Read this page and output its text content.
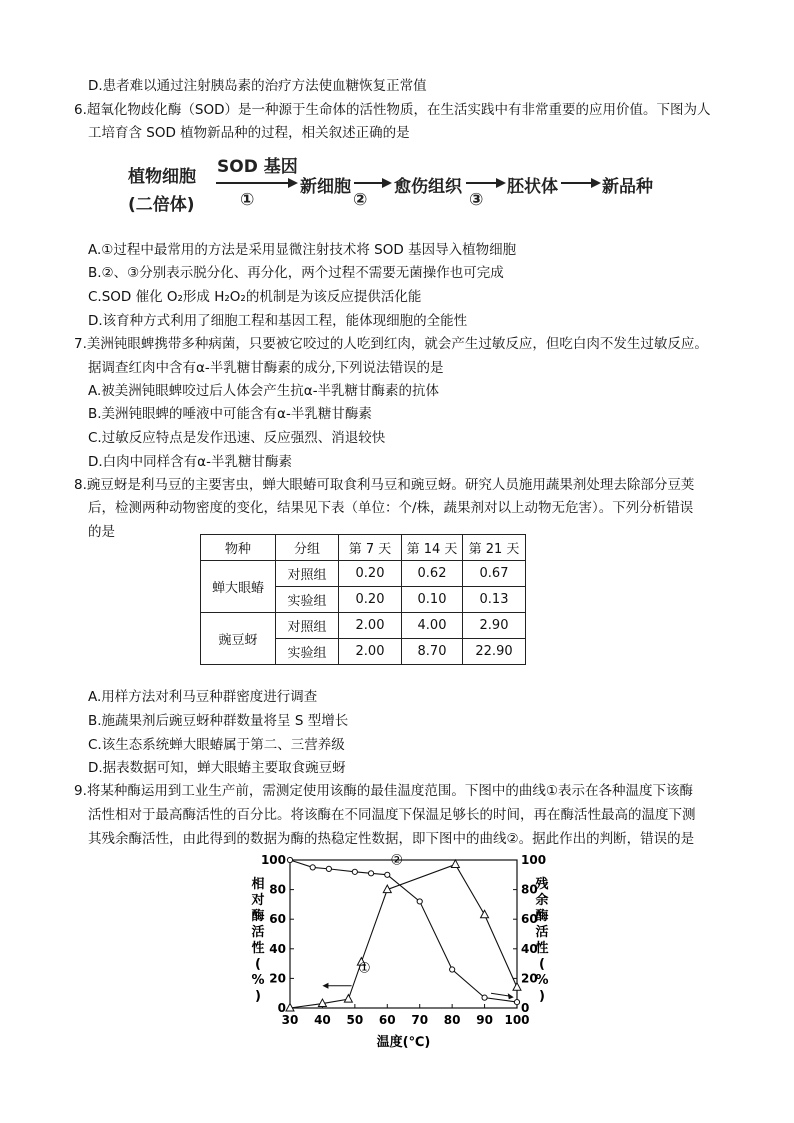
D.患者难以通过注射胰岛素的治疗方法使血糖恢复正常值
6.超氧化物歧化酶（SOD）是一种源于生命体的活性物质，在生活实践中有非常重要的应用价值。下图为人
工培育含 SOD 植物新品种的过程，相关叙述正确的是
植物细胞
(二倍体)
SOD 基因
①
新细胞
②
愈伤组织
③
胚状体	新品种
A.①过程中最常用的方法是采用显微注射技术将 SOD 基因导入植物细胞
B.②、③分别表示脱分化、再分化，两个过程不需要无菌操作也可完成
C.SOD 催化 O₂形成 H₂O₂的机制是为该反应提供活化能
D.该育种方式利用了细胞工程和基因工程，能体现细胞的全能性
7.美洲钝眼蜱携带多种病菌，只要被它咬过的人吃到红肉，就会产生过敏反应，但吃白肉不发生过敏反应。
据调查红肉中含有α-半乳糖甘酶素的成分,下列说法错误的是
A.被美洲钝眼蜱咬过后人体会产生抗α-半乳糖甘酶素的抗体
B.美洲钝眼蜱的唾液中可能含有α-半乳糖甘酶素
C.过敏反应特点是发作迅速、反应强烈、消退较快
D.白肉中同样含有α-半乳糖甘酶素
8.豌豆蚜是利马豆的主要害虫，蝉大眼蝽可取食利马豆和豌豆蚜。研究人员施用蔬果剂处理去除部分豆荚
后，检测两种动物密度的变化，结果见下表（单位：个/株，蔬果剂对以上动物无危害）。下列分析错误
的是
物种	分组	第 7 天	第 14 天	第 21 天
蝉大眼蝽	对照组	0.20	0.62	0.67
	实验组	0.20	0.10	0.13
豌豆蚜	对照组	2.00	4.00	2.90
	实验组	2.00	8.70	22.90
A.用样方法对利马豆种群密度进行调查
B.施蔬果剂后豌豆蚜种群数量将呈 S 型增长
C.该生态系统蝉大眼蝽属于第二、三营养级
D.据表数据可知，蝉大眼蝽主要取食豌豆蚜
9.将某种酶运用到工业生产前，需测定使用该酶的最佳温度范围。下图中的曲线①表示在各种温度下该酶
活性相对于最高酶活性的百分比。将该酶在不同温度下保温足够长的时间，再在酶活性最高的温度下测
其残余酶活性，由此得到的数据为酶的热稳定性数据，即下图中的曲线②。据此作出的判断，错误的是
30 40 50 60 70 80 90 100
0	0
20	20
40	40
60	60
80	80
100	100
温度(℃)
相
对
酶
活
性
(
%
)
残
余
酶
活
性
(
%
)
①
②
